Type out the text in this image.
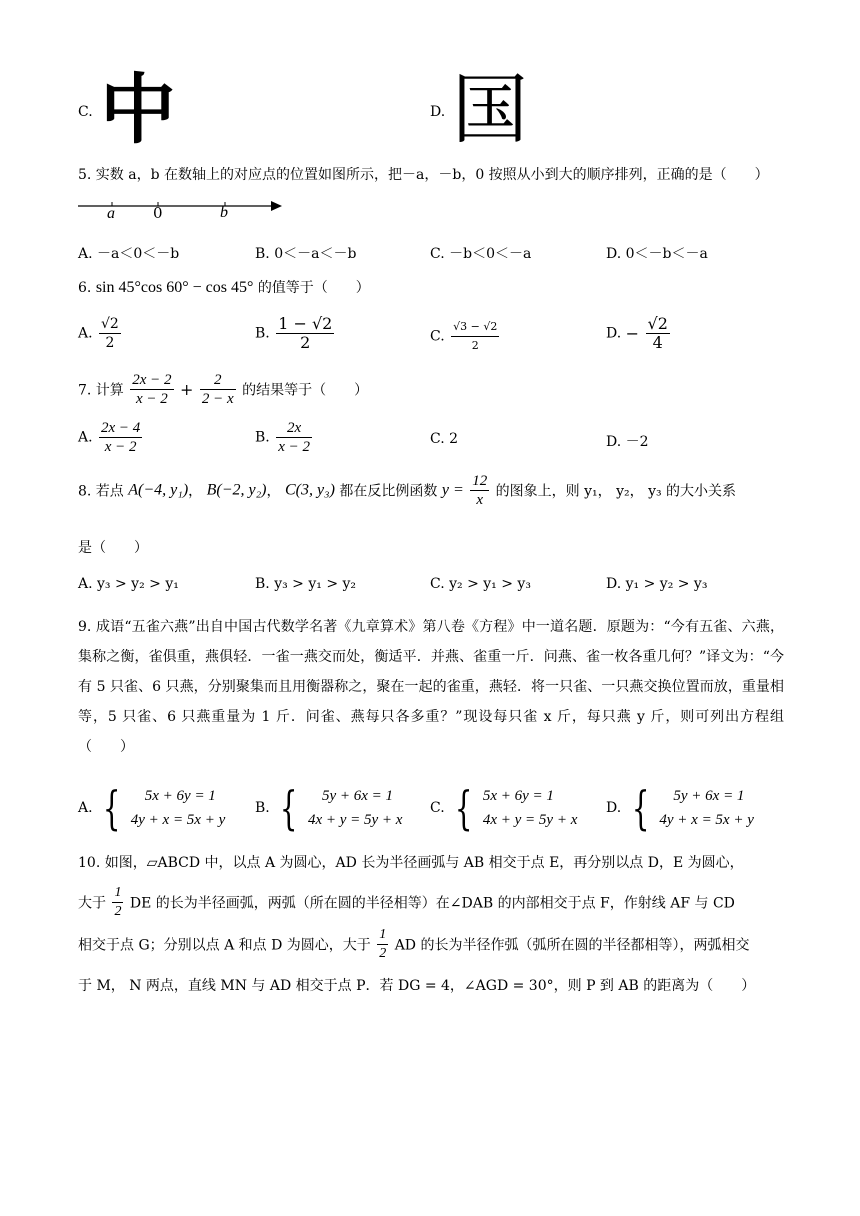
C. 中	D. 国
5. 实数 a，b 在数轴上的对应点的位置如图所示，把－a，－b，0 按照从小到大的顺序排列，正确的是（　　）
a	0	b
A. －a＜0＜－b	B. 0＜－a＜－b	C. －b＜0＜－a	D. 0＜－b＜－a
6. sin 45°cos 60° − cos 45° 的值等于（　　）
A. $\frac{√2}{2}$	B. $\frac{1 - √2}{2}$	C. $\frac{√3 - √2}{2}$	D. − $\frac{√2}{4}$
7. 计算 $\frac{2x - 2}{x - 2} + \frac{2}{2 - x}$ 的结果等于（　　）
A. $\frac{2x - 4}{x - 2}$	B. $\frac{2x}{x - 2}$	C. 2	D. －2
8. 若点 A(−4, y₁)， B(−2, y₂)， C(3, y₃) 都在反比例函数 $y = \frac{12}{x}$ 的图象上，则 y₁， y₂， y₃ 的大小关系
是（　　）
A. y₃ > y₂ > y₁	B. y₃ > y₁ > y₂	C. y₂ > y₁ > y₃	D. y₁ > y₂ > y₃
9. 成语“五雀六燕”出自中国古代数学名著《九章算术》第八卷《方程》中一道名题．原题为：“今有五雀、六燕，集称之衡，雀俱重，燕俱轻．一雀一燕交而处，衡适平．并燕、雀重一斤．问燕、雀一枚各重几何？”译文为：“今有 5 只雀、6 只燕，分别聚集而且用衡器称之，聚在一起的雀重，燕轻．将一只雀、一只燕交换位置而放，重量相等，5 只雀、6 只燕重量为 1 斤．问雀、燕每只各多重？”现设每只雀 x 斤，每只燕 y 斤，则可列出方程组（　　）
A. {	5x + 6y = 1
4y + x = 5x + y
B. {	5y + 6x = 1
4x + y = 5y + x
C. { 5x + 6y = 1
4x + y = 5y + x
D. {	5y + 6x = 1
4y + x = 5x + y
10. 如图，▱ABCD 中，以点 A 为圆心，AD 长为半径画弧与 AB 相交于点 E，再分别以点 D，E 为圆心，
大于 $\frac{1}{2}$ DE 的长为半径画弧，两弧（所在圆的半径相等）在∠DAB 的内部相交于点 F，作射线 AF 与 CD
相交于点 G；分别以点 A 和点 D 为圆心，大于 $\frac{1}{2}$ AD 的长为半径作弧（弧所在圆的半径都相等），两弧相交
于 M， N 两点，直线 MN 与 AD 相交于点 P．若 DG = 4，∠AGD = 30°，则 P 到 AB 的距离为（　　）
